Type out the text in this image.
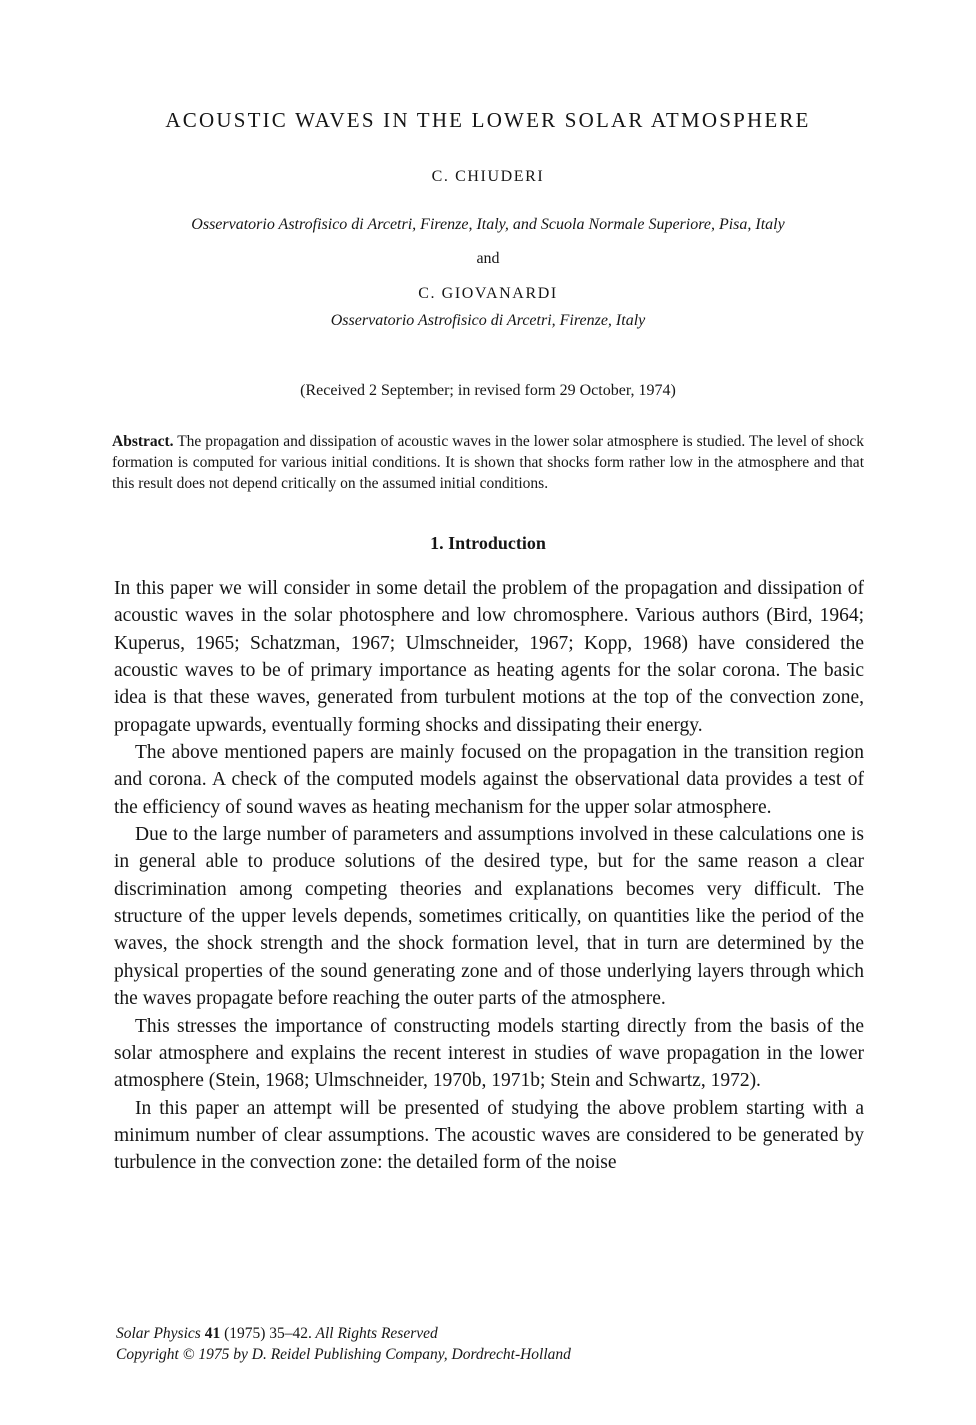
ACOUSTIC WAVES IN THE LOWER SOLAR ATMOSPHERE
C. CHIUDERI
Osservatorio Astrofisico di Arcetri, Firenze, Italy, and Scuola Normale Superiore, Pisa, Italy
and
C. GIOVANARDI
Osservatorio Astrofisico di Arcetri, Firenze, Italy
(Received 2 September; in revised form 29 October, 1974)

Abstract. The propagation and dissipation of acoustic waves in the lower solar atmosphere is studied. The level of shock formation is computed for various initial conditions. It is shown that shocks form rather low in the atmosphere and that this result does not depend critically on the assumed initial conditions.

1. Introduction

In this paper we will consider in some detail the problem of the propagation and dissipation of acoustic waves in the solar photosphere and low chromosphere. Various authors (Bird, 1964; Kuperus, 1965; Schatzman, 1967; Ulmschneider, 1967; Kopp, 1968) have considered the acoustic waves to be of primary importance as heating agents for the solar corona. The basic idea is that these waves, generated from turbulent motions at the top of the convection zone, propagate upwards, eventually forming shocks and dissipating their energy.

The above mentioned papers are mainly focused on the propagation in the transition region and corona. A check of the computed models against the observational data provides a test of the efficiency of sound waves as heating mechanism for the upper solar atmosphere.

Due to the large number of parameters and assumptions involved in these calculations one is in general able to produce solutions of the desired type, but for the same reason a clear discrimination among competing theories and explanations becomes very difficult. The structure of the upper levels depends, sometimes critically, on quantities like the period of the waves, the shock strength and the shock formation level, that in turn are determined by the physical properties of the sound generating zone and of those underlying layers through which the waves propagate before reaching the outer parts of the atmosphere.

This stresses the importance of constructing models starting directly from the basis of the solar atmosphere and explains the recent interest in studies of wave propagation in the lower atmosphere (Stein, 1968; Ulmschneider, 1970b, 1971b; Stein and Schwartz, 1972).

In this paper an attempt will be presented of studying the above problem starting with a minimum number of clear assumptions. The acoustic waves are considered to be generated by turbulence in the convection zone: the detailed form of the noise

Solar Physics 41 (1975) 35–42. All Rights Reserved
Copyright © 1975 by D. Reidel Publishing Company, Dordrecht-Holland
